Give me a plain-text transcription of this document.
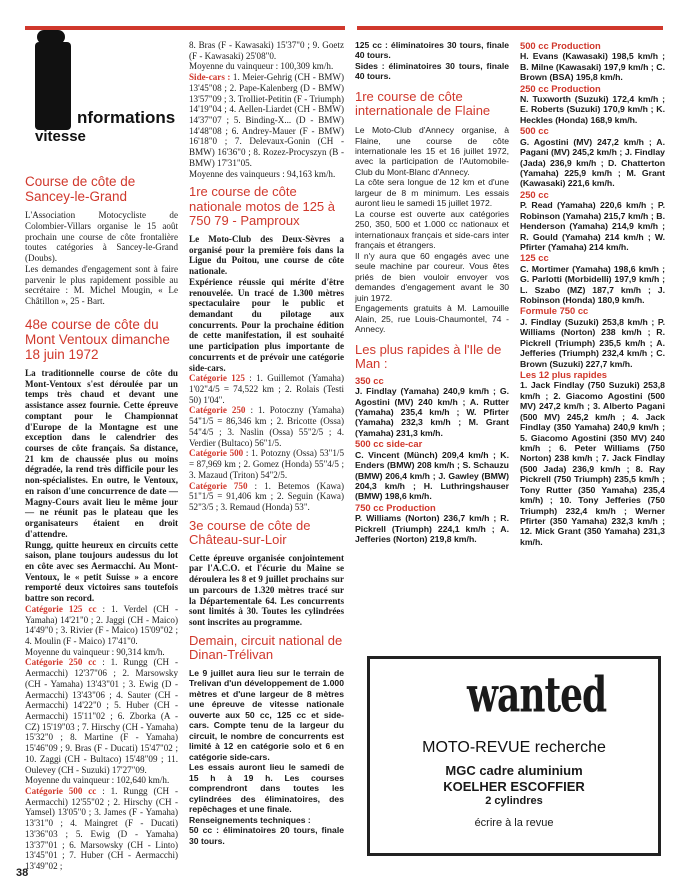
nformations
vitesse
Course de côte de Sancey-le-Grand
L'Association Motocycliste de Colombier-Villars organise le 15 août prochain une course de côte frontalière toutes catégories à Sancey-le-Grand (Doubs).
Les demandes d'engagement sont à faire parvenir le plus rapidement possible au secrétaire : M. Michel Mougin, « Le Châtillon », 25 - Bart.
48e course de côte du Mont Ventoux dimanche 18 juin 1972
La traditionnelle course de côte du Mont-Ventoux s'est déroulée par un temps très chaud et devant une assistance assez fournie. Cette épreuve comptant pour le Championnat d'Europe de la Montagne est une exception dans le calendrier des courses de côte français. Sa distance, 21 km de chaussée plus ou moins dégradée, la rend très difficile pour les non-spécialistes. En outre, le Ventoux, en raison d'une concurrence de date — Magny-Cours avait lieu le même jour — ne réunit pas le plateau que les organisateurs étaient en droit d'attendre.
Rungg, quitte heureux en circuits cette saison, plane toujours audessus du lot en côte avec ses Aermacchi. Au Mont-Ventoux, le « petit Suisse » a encore remporté deux victoires sans toutefois battre son record.
Catégorie 125 cc : 1. Verdel (CH - Yamaha) 14'21"0 ; 2. Jaggi (CH - Maico) 14'49"0 ; 3. Rivier (F - Maico) 15'09"02 ; 4. Moulin (F - Maico) 17'41"0.
Moyenne du vainqueur : 90,314 km/h.
Catégorie 250 cc : 1. Rungg (CH - Aermacchi) 12'37"06 ; 2. Marsowsky (CH - Yamaha) 13'43"01 ; 3. Ewig (D - Aermacchi) 13'43"06 ; 4. Sauter (CH - Aermacchi) 14'22"0 ; 5. Huber (CH - Aermacchi) 15'11"02 ; 6. Zborka (A - CZ) 15'19"03 ; 7. Hirschy (CH - Yamaha) 15'32"0 ; 8. Martine (F - Yamaha) 15'46"09 ; 9. Bras (F - Ducati) 15'47"02 ; 10. Zaggi (CH - Bultaco) 15'48"09 ; 11. Oulevey (CH - Suzuki) 17'27"09.
Moyenne du vainqueur : 102,640 km/h.
Catégorie 500 cc : 1. Rungg (CH - Aermacchi) 12'55"02 ; 2. Hirschy (CH - Yamsel) 13'05"0 ; 3. James (F - Yamaha) 13'31"0 ; 4. Maingret (F - Ducati) 13'36"03 ; 5. Ewig (D - Yamaha) 13'37"01 ; 6. Marsowsky (CH - Linto) 13'45"01 ; 7. Huber (CH - Aermacchi) 13'49"02 ;
8. Bras (F - Kawasaki) 15'37"0 ; 9. Goetz (F - Kawasaki) 25'08"0.
Moyenne du vainqueur : 100,309 km/h.
Side-cars : 1. Meier-Gehrig (CH - BMW) 13'45"08 ; 2. Pape-Kalenberg (D - BMW) 13'57"09 ; 3. Trolliet-Petitin (F - Triumph) 14'19"04 ; 4. Aellen-Liardet (CH - BMW) 14'37"07 ; 5. Binding-X... (D - BMW) 14'48"08 ; 6. Andrey-Mauer (F - BMW) 16'18"0 ; 7. Delevaux-Gonin (CH - BMW) 16'36"0 ; 8. Rozez-Procyszyn (B - BMW) 17'31"05.
Moyenne des vainqueurs : 94,163 km/h.
1re course de côte nationale motos de 125 à 750 79 - Pamproux
Le Moto-Club des Deux-Sèvres a organisé pour la première fois dans la Ligue du Poitou, une course de côte nationale.
Expérience réussie qui mérite d'être renouvelée. Un tracé de 1.300 mètres spectaculaire pour le public et demandant du pilotage aux concurrents. Pour la prochaine édition de cette manifestation, il est souhaité une participation plus importante de concurrents et de prévoir une catégorie side-cars.
Catégorie 125 : 1. Guillemot (Yamaha) 1'02"4/5 = 74,522 km ; 2. Rolais (Testi 50) 1'04".
Catégorie 250 : 1. Potoczny (Yamaha) 54"1/5 = 86,346 km ; 2. Bricotte (Ossa) 54"4/5 ; 3. Naslin (Ossa) 55"2/5 ; 4. Verdier (Bultaco) 56"1/5.
Catégorie 500 : 1. Potozny (Ossa) 53"1/5 = 87,969 km ; 2. Gomez (Honda) 55"4/5 ; 3. Mazaud (Triton) 54"2/5.
Catégorie 750 : 1. Betemos (Kawa) 51"1/5 = 91,406 km ; 2. Seguin (Kawa) 52"3/5 ; 3. Remaud (Honda) 53".
3e course de côte de Château-sur-Loir
Cette épreuve organisée conjointement par l'A.C.O. et l'écurie du Maine se déroulera les 8 et 9 juillet prochains sur un parcours de 1.320 mètres tracé sur la Départementale 64. Les concurrents sont limités à 30. Toutes les cylindrées sont inscrites au programme.
Demain, circuit national de Dinan-Trélivan
Le 9 juillet aura lieu sur le terrain de Trelivan d'un développement de 1.000 mètres et d'une largeur de 8 mètres une épreuve de vitesse nationale ouverte aux 50 cc, 125 cc et side-cars. Compte tenu de la largeur du circuit, le nombre de concurrents est limité à 12 en catégorie solo et 6 en catégorie side-cars.
Les essais auront lieu le samedi de 15 h à 19 h. Les courses comprendront dans toutes les cylindrées des éliminatoires, des repêchages et une finale.
Renseignements techniques :
50 cc : éliminatoires 20 tours, finale 30 tours.
125 cc : éliminatoires 30 tours, finale 40 tours.
Sides : éliminatoires 30 tours, finale 40 tours.
1re course de côte internationale de Flaine
Le Moto-Club d'Annecy organise, à Flaine, une course de côte internationale les 15 et 16 juillet 1972, avec la participation de l'Automobile-Club du Mont-Blanc d'Annecy.
La côte sera longue de 12 km et d'une largeur de 8 m minimum. Les essais auront lieu le samedi 15 juillet 1972.
La course est ouverte aux catégories 250, 350, 500 et 1.000 cc nationaux et internationaux français et side-cars inter français et étrangers.
Il n'y aura que 60 engagés avec une seule machine par coureur. Vous êtes priés de bien vouloir envoyer vos demandes d'engagement avant le 30 juin 1972.
Engagements gratuits à M. Lamouille Alain, 25, rue Louis-Chaumontel, 74 - Annecy.
Les plus rapides à l'Ile de Man :
350 cc
J. Findlay (Yamaha) 240,9 km/h ; G. Agostini (MV) 240 km/h ; A. Rutter (Yamaha) 235,4 km/h ; W. Pfirter (Yamaha) 232,3 km/h ; M. Grant (Yamaha) 231,3 km/h.
500 cc side-car
C. Vincent (Münch) 209,4 km/h ; K. Enders (BMW) 208 km/h ; S. Schauzu (BMW) 206,4 km/h ; J. Gawley (BMW) 204,3 km/h ; H. Luthringshauser (BMW) 198,6 km/h.
750 cc Production
P. Williams (Norton) 236,7 km/h ; R. Pickrell (Triumph) 224,1 km/h ; A. Jefferies (Norton) 219,8 km/h.
500 cc Production
H. Evans (Kawasaki) 198,5 km/h ; B. Milne (Kawasaki) 197,9 km/h ; C. Brown (BSA) 195,8 km/h.
250 cc Production
N. Tuxworth (Suzuki) 172,4 km/h ; E. Roberts (Suzuki) 170,9 km/h ; K. Heckles (Honda) 168,9 km/h.
500 cc
G. Agostini (MV) 247,2 km/h ; A. Pagani (MV) 245,2 km/h ; J. Findlay (Jada) 236,9 km/h ; D. Chatterton (Yamaha) 225,9 km/h ; M. Grant (Kawasaki) 221,6 km/h.
250 cc
P. Read (Yamaha) 220,6 km/h ; P. Robinson (Yamaha) 215,7 km/h ; B. Henderson (Yamaha) 214,9 km/h ; R. Gould (Yamaha) 214 km/h ; W. Pfirter (Yamaha) 214 km/h.
125 cc
C. Mortimer (Yamaha) 198,6 km/h ; G. Parlotti (Morbidelli) 197,9 km/h ; L. Szabo (MZ) 187,7 km/h ; J. Robinson (Honda) 180,9 km/h.
Formule 750 cc
J. Findlay (Suzuki) 253,8 km/h ; P. Williams (Norton) 238 km/h ; R. Pickrell (Triumph) 235,5 km/h ; A. Jefferies (Triumph) 232,4 km/h ; C. Brown (Suzuki) 227,7 km/h.
Les 12 plus rapides
1. Jack Findlay (750 Suzuki) 253,8 km/h ; 2. Giacomo Agostini (500 MV) 247,2 km/h ; 3. Alberto Pagani (500 MV) 245,2 km/h ; 4. Jack Findlay (350 Yamaha) 240,9 km/h ; 5. Giacomo Agostini (350 MV) 240 km/h ; 6. Peter Williams (750 Norton) 238 km/h ; 7. Jack Findlay (500 Jada) 236,9 km/h ; 8. Ray Pickrell (750 Triumph) 235,5 km/h ; Tony Rutter (350 Yamaha) 235,4 km/h) ; 10. Tony Jefferies (750 Triumph) 232,4 km/h ; Werner Pfirter (350 Yamaha) 232,3 km/h ; 12. Mick Grant (350 Yamaha) 231,3 km/h.
wanted
MOTO-REVUE recherche
MGC cadre aluminium
KOELHER ESCOFFIER
2 cylindres
écrire à la revue
38
